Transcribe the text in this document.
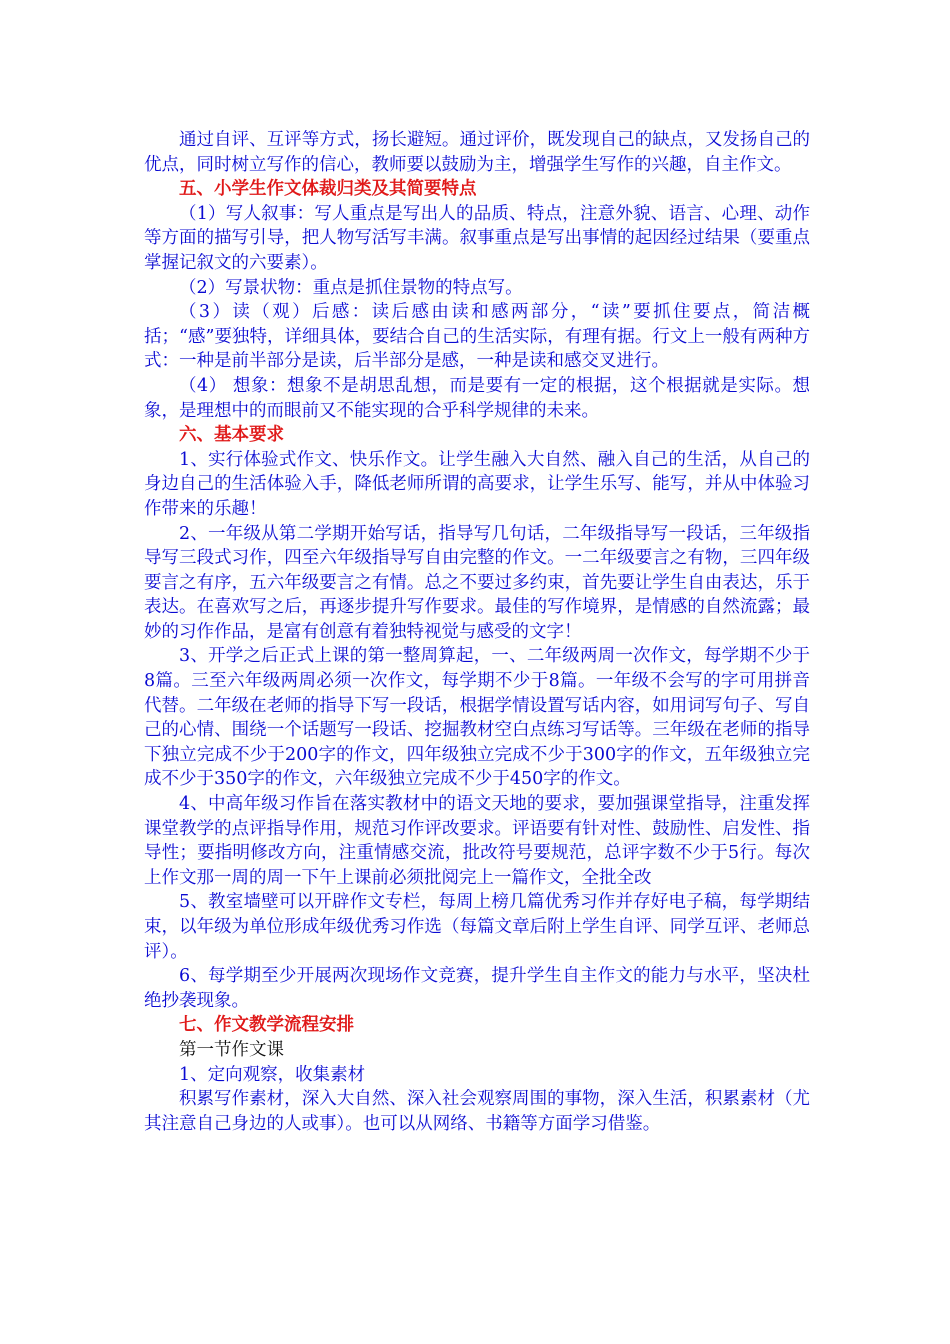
通过自评、互评等方式，扬长避短。通过评价，既发现自己的缺点，又发扬自己的优点，同时树立写作的信心，教师要以鼓励为主，增强学生写作的兴趣，自主作文。

五、小学生作文体裁归类及其简要特点

（1）写人叙事：写人重点是写出人的品质、特点，注意外貌、语言、心理、动作等方面的描写引导，把人物写活写丰满。叙事重点是写出事情的起因经过结果（要重点掌握记叙文的六要素）。

（2）写景状物：重点是抓住景物的特点写。

（3）读（观）后感：读后感由读和感两部分，“读”要抓住要点，简洁概括；“感”要独特，详细具体，要结合自己的生活实际，有理有据。行文上一般有两种方式：一种是前半部分是读，后半部分是感，一种是读和感交叉进行。

（4） 想象：想象不是胡思乱想，而是要有一定的根据，这个根据就是实际。想象，是理想中的而眼前又不能实现的合乎科学规律的未来。

六、基本要求

1、实行体验式作文、快乐作文。让学生融入大自然、融入自己的生活，从自己的身边自己的生活体验入手，降低老师所谓的高要求，让学生乐写、能写，并从中体验习作带来的乐趣！

2、一年级从第二学期开始写话，指导写几句话，二年级指导写一段话，三年级指导写三段式习作，四至六年级指导写自由完整的作文。一二年级要言之有物，三四年级要言之有序，五六年级要言之有情。总之不要过多约束，首先要让学生自由表达，乐于表达。在喜欢写之后，再逐步提升写作要求。最佳的写作境界，是情感的自然流露；最妙的习作作品，是富有创意有着独特视觉与感受的文字！

3、开学之后正式上课的第一整周算起，一、二年级两周一次作文，每学期不少于8篇。三至六年级两周必须一次作文，每学期不少于8篇。一年级不会写的字可用拼音代替。二年级在老师的指导下写一段话，根据学情设置写话内容，如用词写句子、写自己的心情、围绕一个话题写一段话、挖掘教材空白点练习写话等。三年级在老师的指导下独立完成不少于200字的作文，四年级独立完成不少于300字的作文，五年级独立完成不少于350字的作文，六年级独立完成不少于450字的作文。

4、中高年级习作旨在落实教材中的语文天地的要求，要加强课堂指导，注重发挥课堂教学的点评指导作用，规范习作评改要求。评语要有针对性、鼓励性、启发性、指导性；要指明修改方向，注重情感交流，批改符号要规范，总评字数不少于5行。每次上作文那一周的周一下午上课前必须批阅完上一篇作文，全批全改

5、教室墙壁可以开辟作文专栏，每周上榜几篇优秀习作并存好电子稿，每学期结束，以年级为单位形成年级优秀习作选（每篇文章后附上学生自评、同学互评、老师总评）。

6、每学期至少开展两次现场作文竞赛，提升学生自主作文的能力与水平，坚决杜绝抄袭现象。

七、作文教学流程安排

第一节作文课

1、定向观察，收集素材

积累写作素材，深入大自然、深入社会观察周围的事物，深入生活，积累素材（尤其注意自己身边的人或事）。也可以从网络、书籍等方面学习借鉴。
